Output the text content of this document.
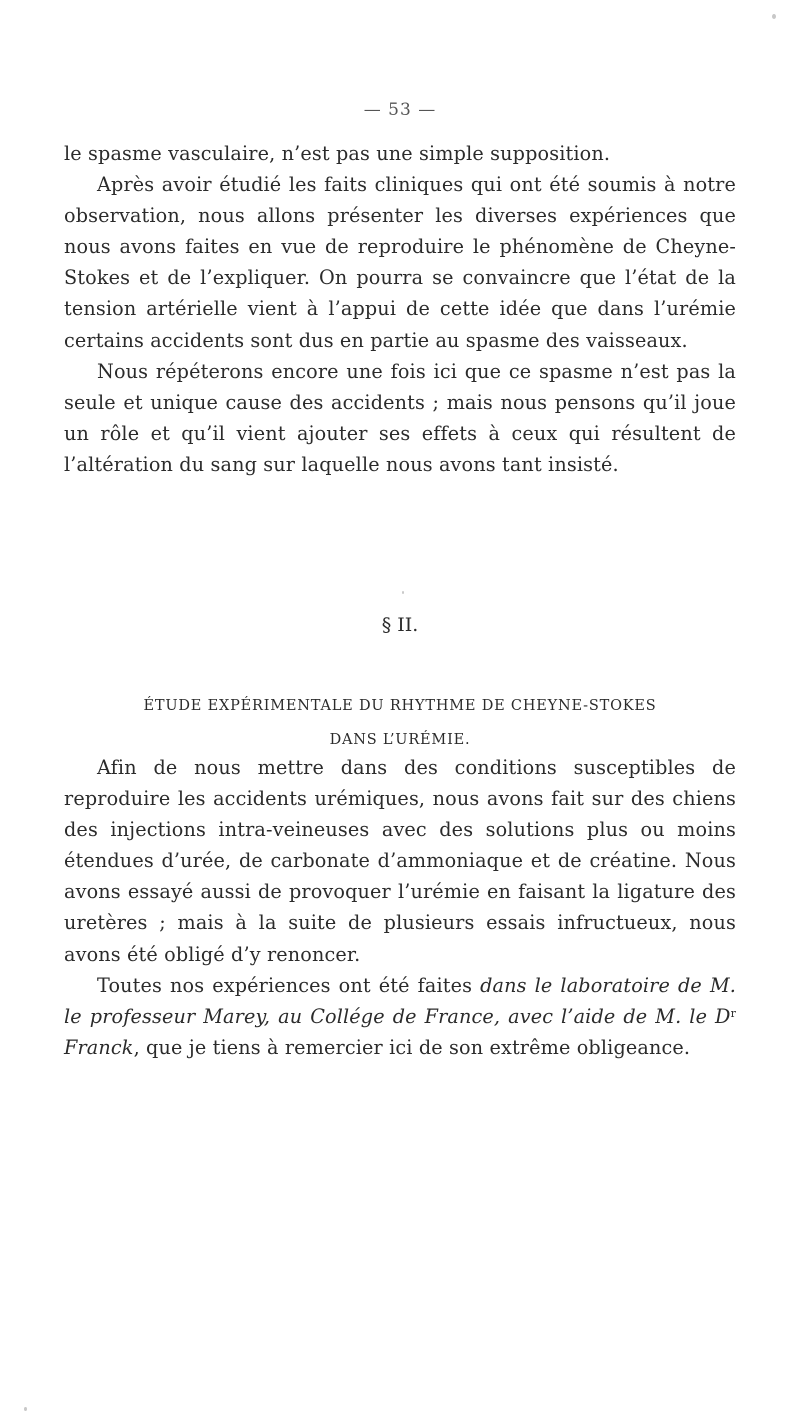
— 53 —

le spasme vasculaire, n’est pas une simple supposition.

Après avoir étudié les faits cliniques qui ont été soumis à notre observation, nous allons présenter les diverses expériences que nous avons faites en vue de reproduire le phénomène de Cheyne-Stokes et de l’expliquer. On pourra se convaincre que l’état de la tension artérielle vient à l’appui de cette idée que dans l’urémie certains accidents sont dus en partie au spasme des vaisseaux.

Nous répéterons encore une fois ici que ce spasme n’est pas la seule et unique cause des accidents ; mais nous pensons qu’il joue un rôle et qu’il vient ajouter ses effets à ceux qui résultent de l’altération du sang sur laquelle nous avons tant insisté.

§ II.
ÉTUDE EXPÉRIMENTALE DU RHYTHME DE CHEYNE-STOKES
DANS L’URÉMIE.

Afin de nous mettre dans des conditions susceptibles de reproduire les accidents urémiques, nous avons fait sur des chiens des injections intra-veineuses avec des solutions plus ou moins étendues d’urée, de carbonate d’ammoniaque et de créatine. Nous avons essayé aussi de provoquer l’urémie en faisant la ligature des uretères ; mais à la suite de plusieurs essais infructueux, nous avons été obligé d’y renoncer.

Toutes nos expériences ont été faites dans le laboratoire de M. le professeur Marey, au Collége de France, avec l’aide de M. le $D^r$ Franck, que je tiens à remercier ici de son extrême obligeance.
